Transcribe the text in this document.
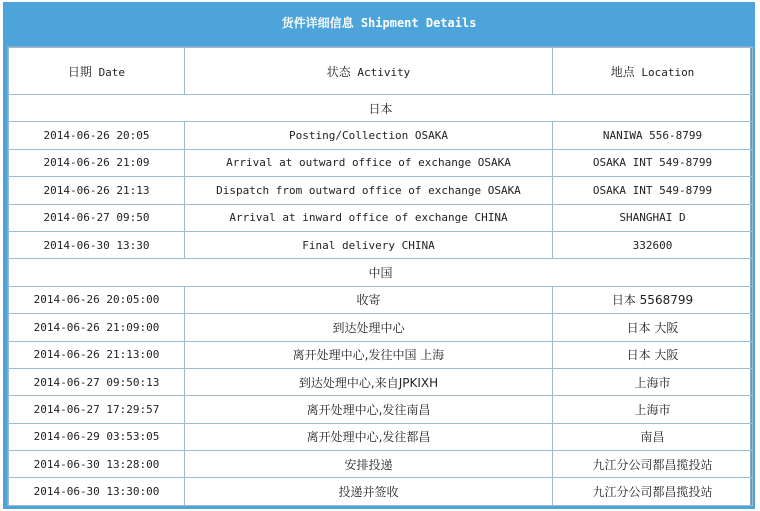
货件详细信息 Shipment Details
日期 Date	状态 Activity	地点 Location
日本		
2014-06-26 20:05	Posting/Collection OSAKA	NANIWA 556-8799
2014-06-26 21:09	Arrival at outward office of exchange OSAKA	OSAKA INT 549-8799
2014-06-26 21:13	Dispatch from outward office of exchange OSAKA	OSAKA INT 549-8799
2014-06-27 09:50	Arrival at inward office of exchange CHINA	SHANGHAI D
2014-06-30 13:30	Final delivery CHINA	332600
中国		
2014-06-26 20:05:00	收寄	日本 5568799
2014-06-26 21:09:00	到达处理中心	日本 大阪
2014-06-26 21:13:00	离开处理中心,发往中国 上海	日本 大阪
2014-06-27 09:50:13	到达处理中心,来自JPKIXH	上海市
2014-06-27 17:29:57	离开处理中心,发往南昌	上海市
2014-06-29 03:53:05	离开处理中心,发往都昌	南昌
2014-06-30 13:28:00	安排投递	九江分公司都昌揽投站
2014-06-30 13:30:00	投递并签收	九江分公司都昌揽投站
